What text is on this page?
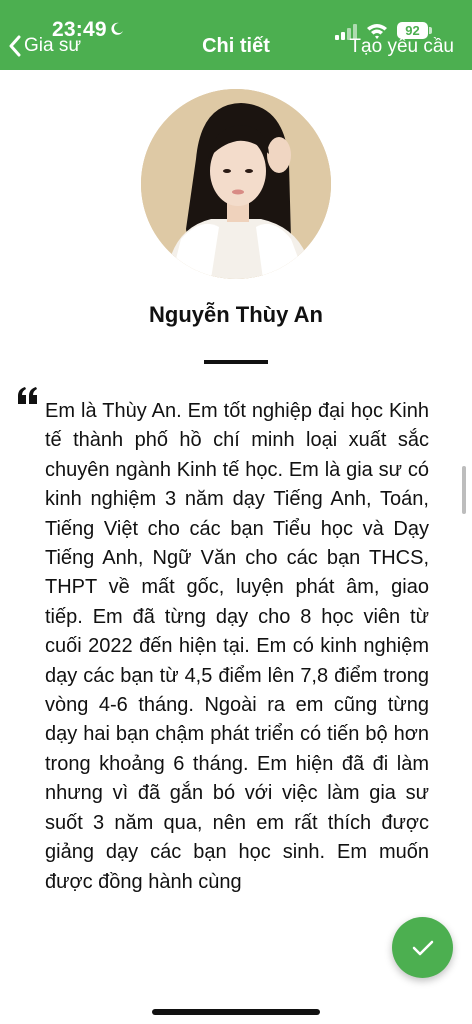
23:49	92
Gia sư	Chi tiết	Tạo yêu cầu
Nguyễn Thùy An

Em là Thùy An. Em tốt nghiệp đại học Kinh tế thành phố hồ chí minh loại xuất sắc chuyên ngành Kinh tế học. Em là gia sư có kinh nghiệm 3 năm dạy Tiếng Anh, Toán, Tiếng Việt cho các bạn Tiểu học và Dạy Tiếng Anh, Ngữ Văn cho các bạn THCS, THPT về mất gốc, luyện phát âm, giao tiếp. Em đã từng dạy cho 8 học viên từ cuối 2022 đến hiện tại. Em có kinh nghiệm dạy các bạn từ 4,5 điểm lên 7,8 điểm trong vòng 4-6 tháng. Ngoài ra em cũng từng dạy hai bạn chậm phát triển có tiến bộ hơn trong khoảng 6 tháng. Em hiện đã đi làm nhưng vì đã gắn bó với việc làm gia sư suốt 3 năm qua, nên em rất thích được giảng dạy các bạn học sinh. Em muốn được đồng hành cùng
